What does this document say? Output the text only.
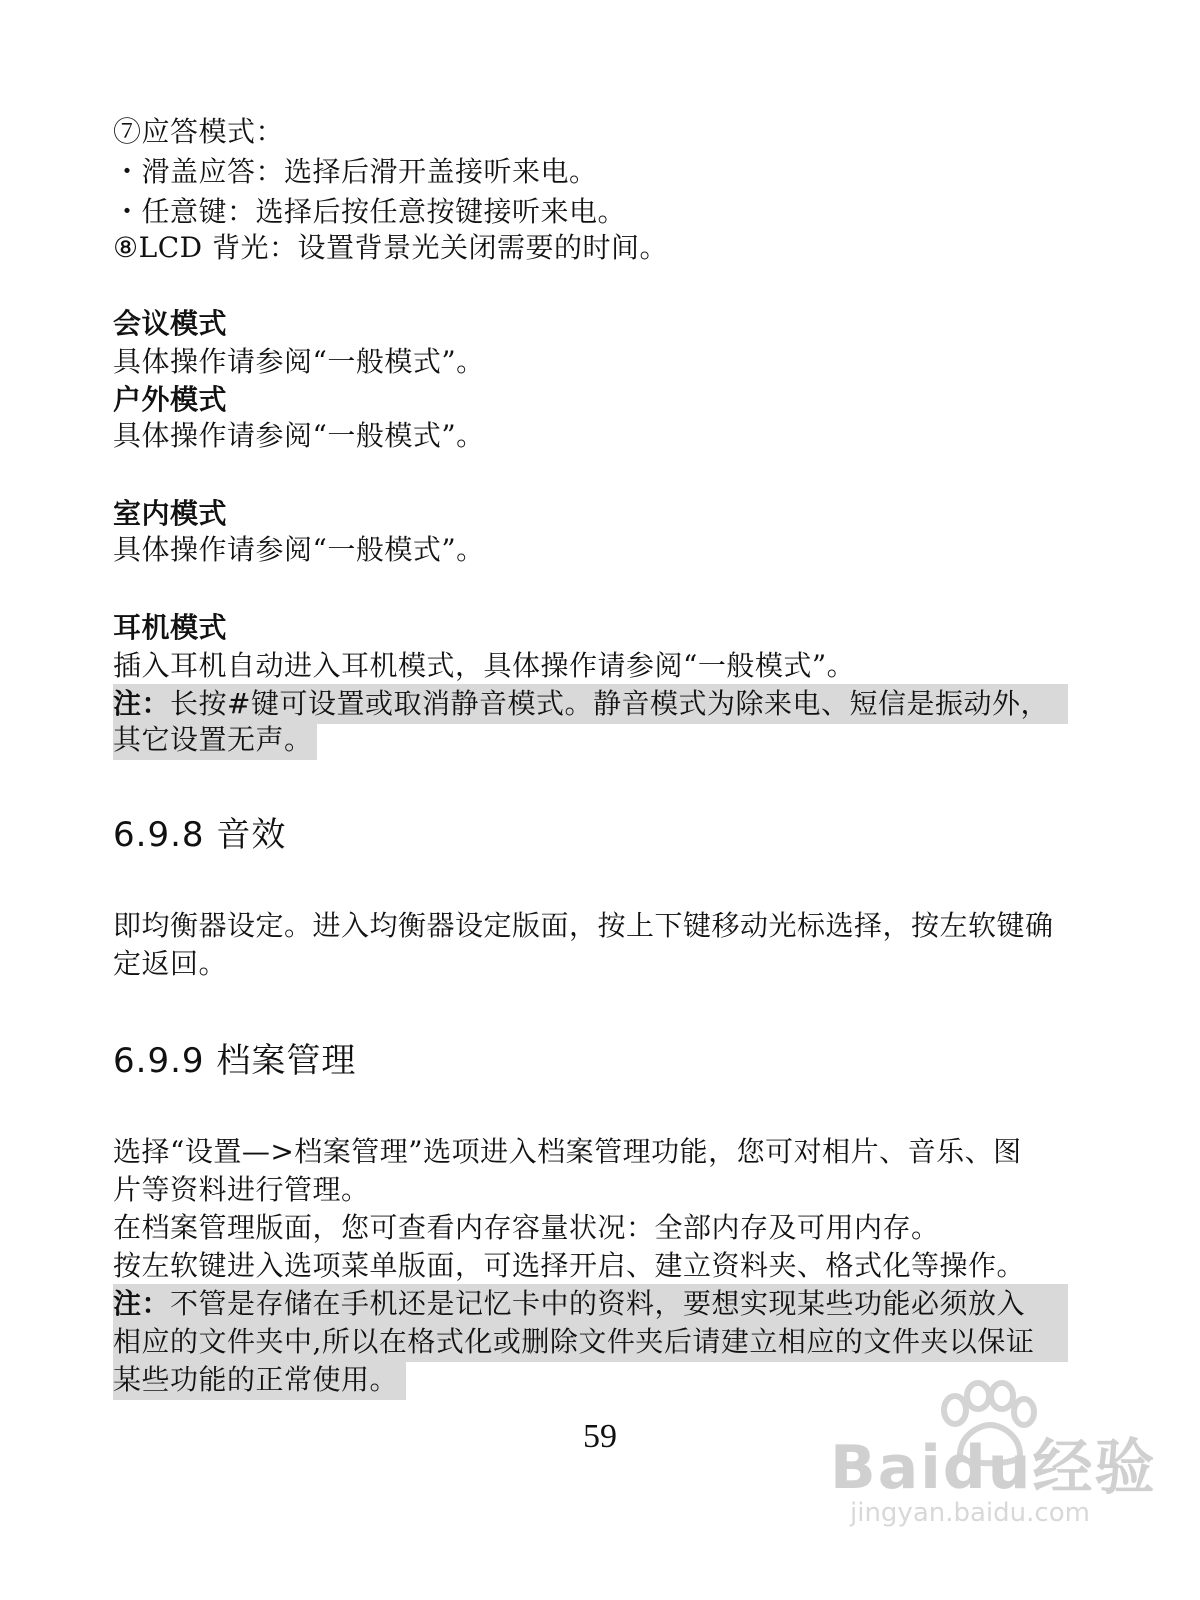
⑦应答模式：
・滑盖应答：选择后滑开盖接听来电。
・任意键：选择后按任意按键接听来电。
⑧LCD 背光：设置背景光关闭需要的时间。
会议模式
具体操作请参阅“一般模式”。
户外模式
具体操作请参阅“一般模式”。
室内模式
具体操作请参阅“一般模式”。
耳机模式
插入耳机自动进入耳机模式，具体操作请参阅“一般模式”。
注：长按#键可设置或取消静音模式。静音模式为除来电、短信是振动外，
其它设置无声。
6.9.8 音效
即均衡器设定。进入均衡器设定版面，按上下键移动光标选择，按左软键确
定返回。
6.9.9 档案管理
选择“设置—>档案管理”选项进入档案管理功能，您可对相片、音乐、图
片等资料进行管理。
在档案管理版面，您可查看内存容量状况：全部内存及可用内存。
按左软键进入选项菜单版面，可选择开启、建立资料夹、格式化等操作。
注：不管是存储在手机还是记忆卡中的资料，要想实现某些功能必须放入
相应的文件夹中,所以在格式化或删除文件夹后请建立相应的文件夹以保证
某些功能的正常使用。
59	Baidu经验
jingyan.baidu.com
